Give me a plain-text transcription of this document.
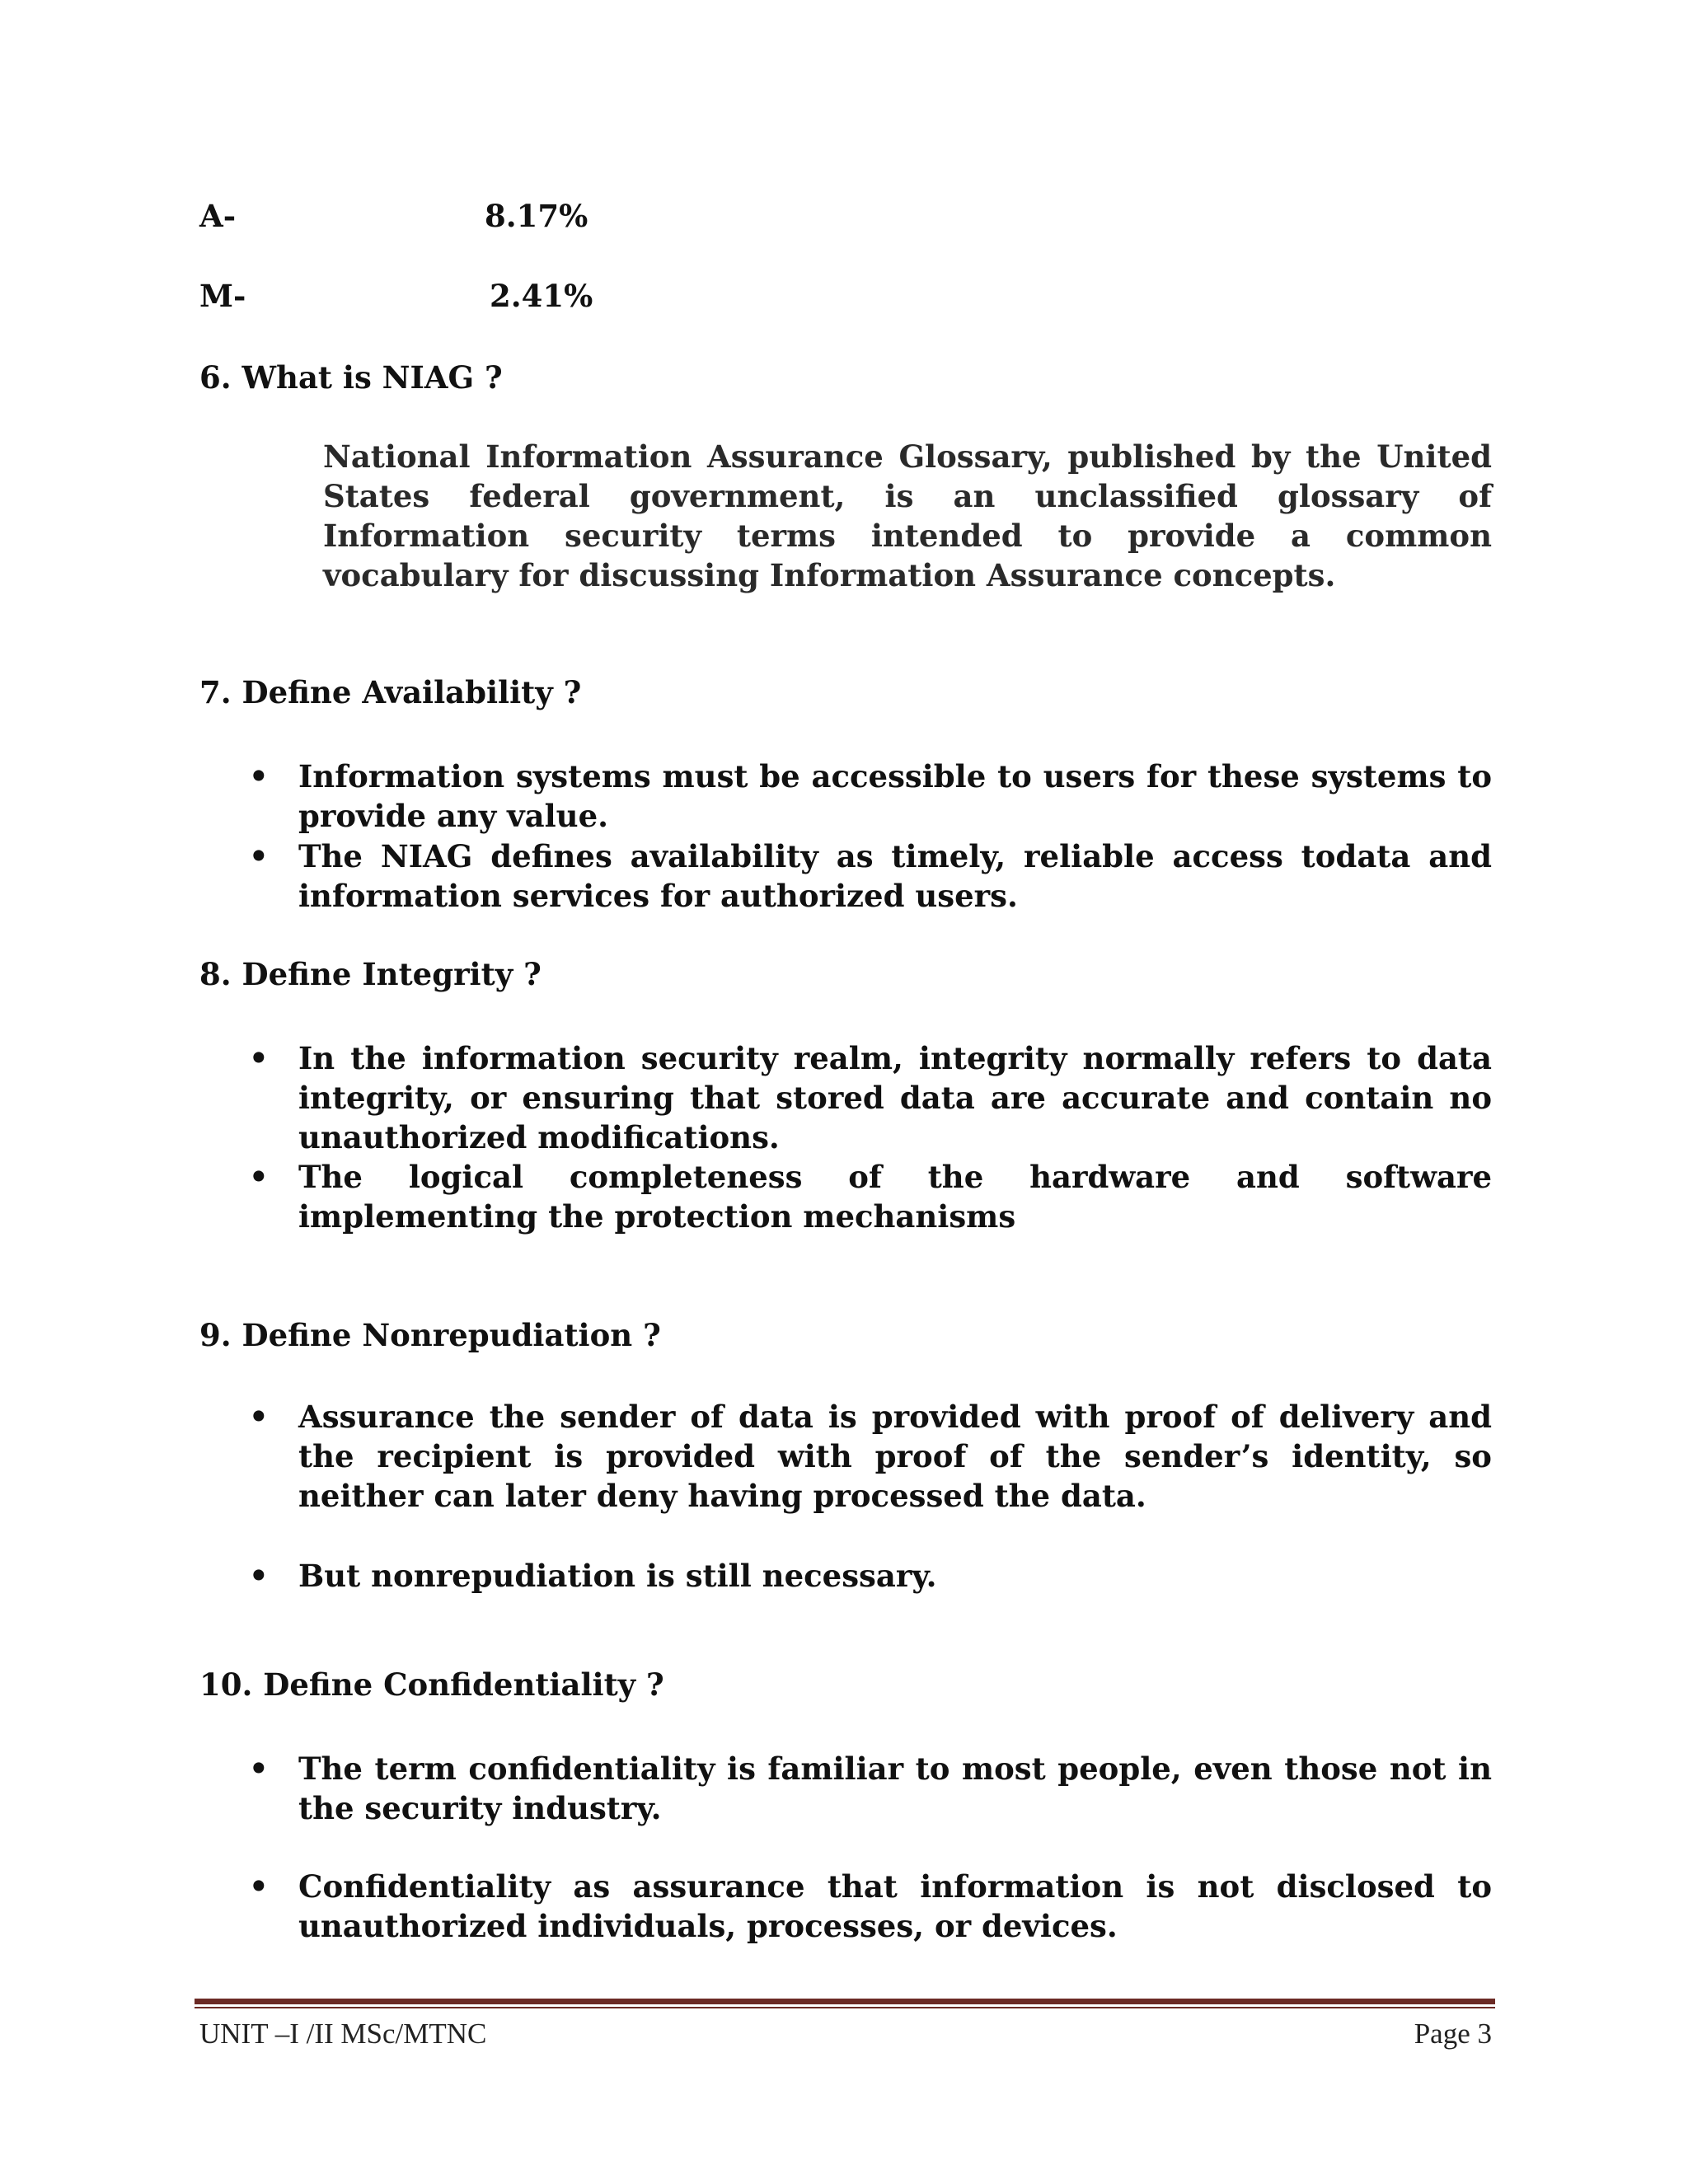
A-	8.17%
M-	2.41%
6. What is NIAG ?
National Information Assurance Glossary, published by the United States federal government, is an unclassified glossary of Information security terms intended to provide a common vocabulary for discussing Information Assurance concepts.
7. Define Availability ?
• Information systems must be accessible to users for these systems to provide any value.
• The NIAG defines availability as timely, reliable access todata and information services for authorized users.
8. Define Integrity ?
• In the information security realm, integrity normally refers to data integrity, or ensuring that stored data are accurate and contain no unauthorized modifications.
• The logical completeness of the hardware and software implementing the protection mechanisms
9. Define Nonrepudiation ?
• Assurance the sender of data is provided with proof of delivery and the recipient is provided with proof of the sender’s identity, so neither can later deny having processed the data.
• But nonrepudiation is still necessary.
10. Define Confidentiality ?
• The term confidentiality is familiar to most people, even those not in the security industry.
• Confidentiality as assurance that information is not disclosed to unauthorized individuals, processes, or devices.
UNIT –I /II MSc/MTNC	Page 3
